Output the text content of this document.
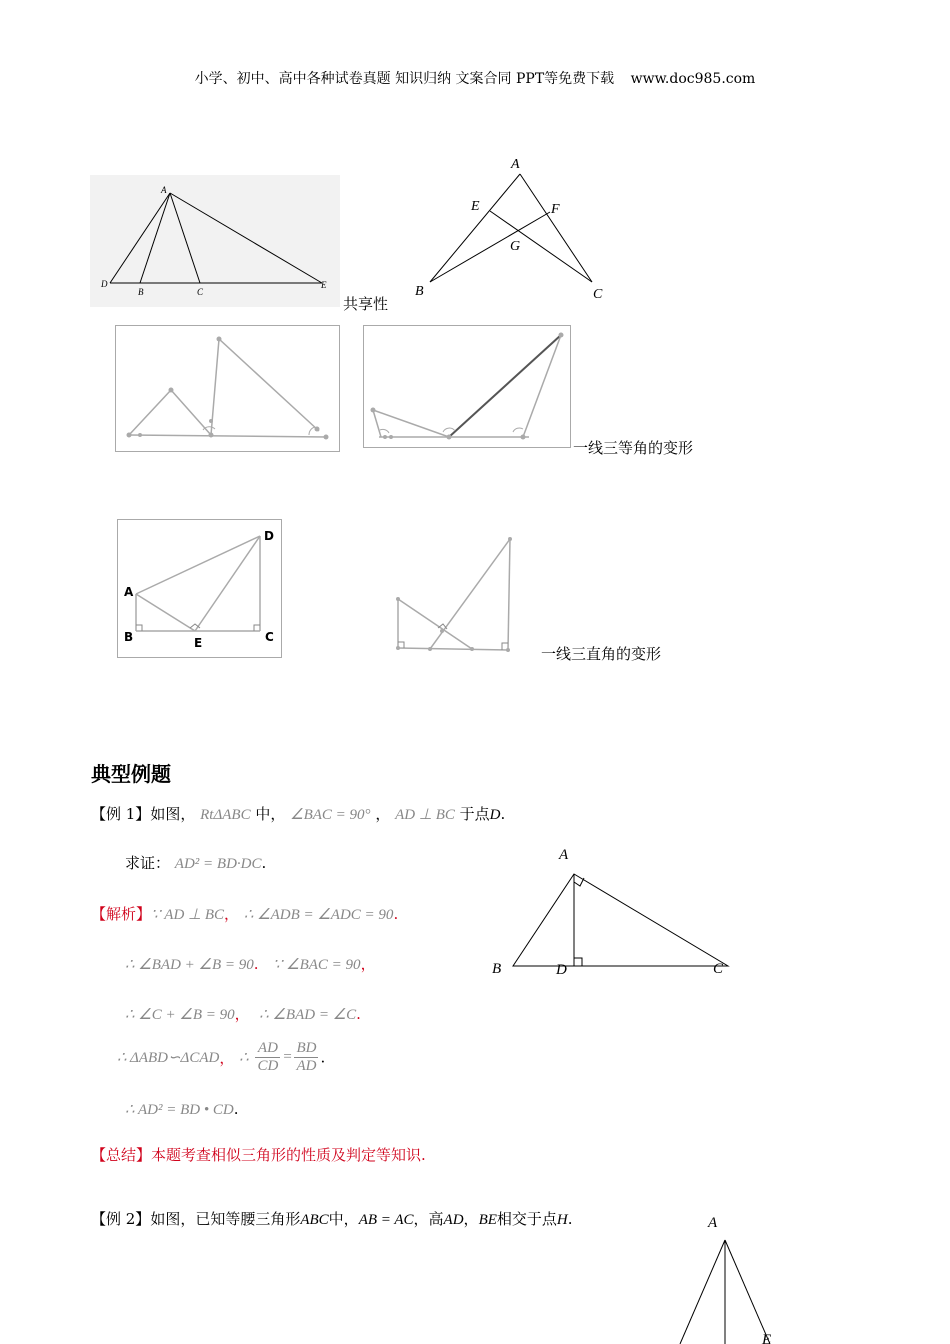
小学、初中、高中各种试卷真题 知识归纳 文案合同 PPT等免费下载 www.doc985.com
A
D
B	C
E
共享性
A
E	F
G
B	C
一线三等角的变形
D
A
B	E	C
一线三直角的变形
典型例题
【例 1】如图， RtΔABC 中， ∠BAC = 90° ， AD ⊥ BC 于点D.
求证： AD² = BD·DC.	A
B	D	C
【解析】∵ AD ⊥ BC， ∴ ∠ADB = ∠ADC = 90.
∴ ∠BAD + ∠B = 90. ∵ ∠BAC = 90，
∴ ∠C + ∠B = 90， ∴ ∠BAD = ∠C.
∴ ΔABD∽ΔCAD， ∴ $\frac{AD}{CD} = \frac{BD}{AD}$ .
∴ AD² = BD • CD.
【总结】本题考查相似三角形的性质及判定等知识.
【例 2】如图，已知等腰三角形ABC中，AB = AC，高AD，BE相交于点H.	A
E
